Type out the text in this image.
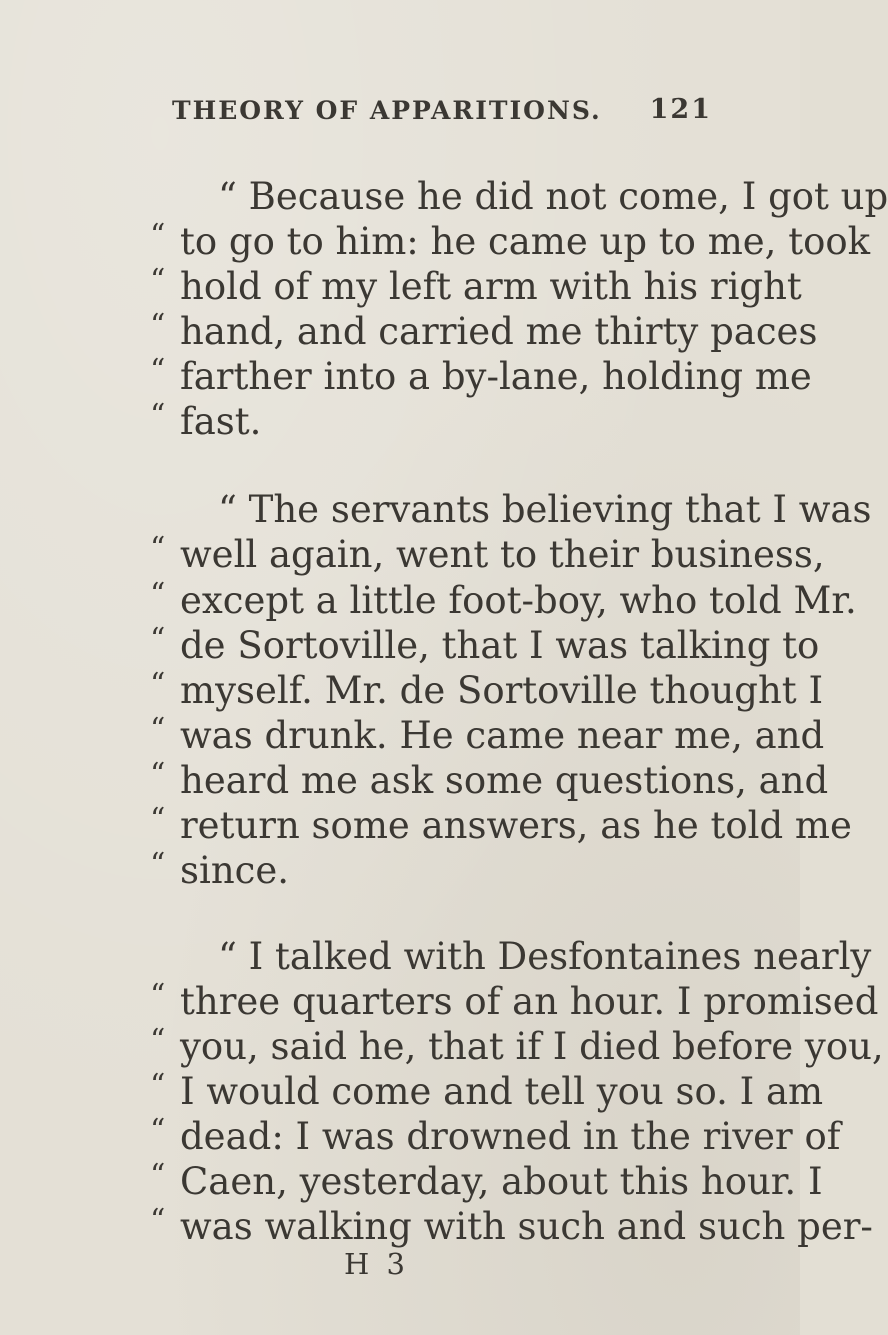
THEORY OF APPARITIONS. 121
“ Because he did not come, I got up
“ to go to him: he came up to me, took
“ hold of my left arm with his right
“ hand, and carried me thirty paces
“ farther into a by-lane, holding me
“ fast.
“ The servants believing that I was
“ well again, went to their business,
“ except a little foot-boy, who told Mr.
“ de Sortoville, that I was talking to
“ myself. Mr. de Sortoville thought I
“ was drunk. He came near me, and
“ heard me ask some questions, and
“ return some answers, as he told me
“ since.
“ I talked with Desfontaines nearly
“ three quarters of an hour. I promised
“ you, said he, that if I died before you,
“ I would come and tell you so. I am
“ dead: I was drowned in the river of
“ Caen, yesterday, about this hour. I
“ was walking with such and such per-
H 3
